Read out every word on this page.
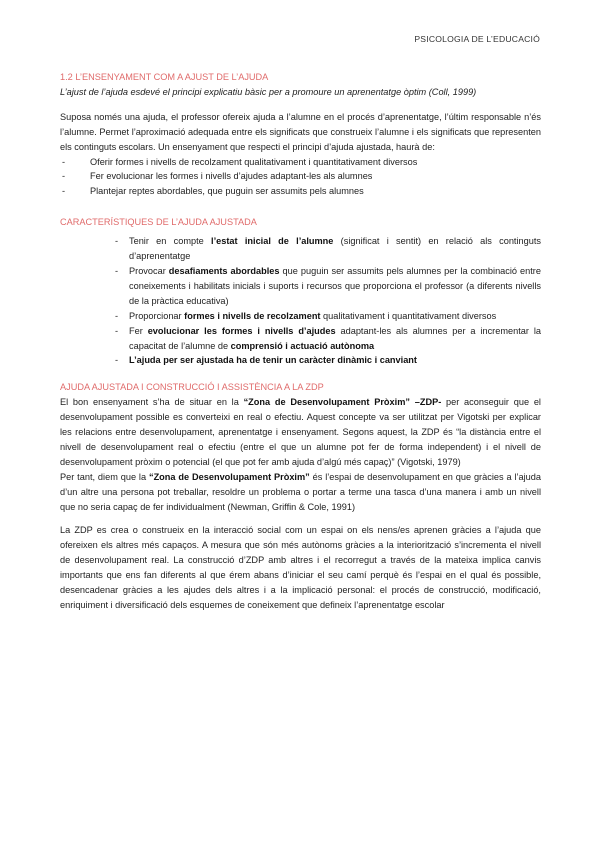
PSICOLOGIA DE L’EDUCACIÓ
1.2 L’ENSENYAMENT COM A AJUST DE L’AJUDA

L’ajust de l’ajuda esdevé el principi explicatiu bàsic per a promoure un aprenentatge òptim (Coll, 1999)

Suposa només una ajuda, el professor ofereix ajuda a l’alumne en el procés d’aprenentatge, l’últim responsable n’és l’alumne. Permet l’aproximació adequada entre els significats que construeix l’alumne i els significats que representen els continguts escolars. Un ensenyament que respecti el principi d’ajuda ajustada, haurà de:

- Oferir formes i nivells de recolzament qualitativament i quantitativament diversos
- Fer evolucionar les formes i nivells d’ajudes adaptant-les als alumnes
- Plantejar reptes abordables, que puguin ser assumits pels alumnes
CARACTERÍSTIQUES DE L’AJUDA AJUSTADA
- Tenir en compte l’estat inicial de l’alumne (significat i sentit) en relació als continguts d’aprenentatge
- Provocar desafiaments abordables que puguin ser assumits pels alumnes per la combinació entre coneixements i habilitats inicials i suports i recursos que proporciona el professor (a diferents nivells de la pràctica educativa)
- Proporcionar formes i nivells de recolzament qualitativament i quantitativament diversos
- Fer evolucionar les formes i nivells d’ajudes adaptant-les als alumnes per a incrementar la capacitat de l’alumne de comprensió i actuació autònoma
- L’ajuda per ser ajustada ha de tenir un caràcter dinàmic i canviant
AJUDA AJUSTADA I CONSTRUCCIÓ I ASSISTÈNCIA A LA ZDP

El bon ensenyament s’ha de situar en la “Zona de Desenvolupament Pròxim” –ZDP- per aconseguir que el desenvolupament possible es converteixi en real o efectiu. Aquest concepte va ser utilitzat per Vigotski per explicar les relacions entre desenvolupament, aprenentatge i ensenyament. Segons aquest, la ZDP és “la distància entre el nivell de desenvolupament real o efectiu (entre el que un alumne pot fer de forma independent) i el nivell de desenvolupament pròxim o potencial (el que pot fer amb ajuda d’algú més capaç)” (Vigotski, 1979)

Per tant, diem que la “Zona de Desenvolupament Pròxim” és l’espai de desenvolupament en que gràcies a l’ajuda d’un altre una persona pot treballar, resoldre un problema o portar a terme una tasca d’una manera i amb un nivell que no seria capaç de fer individualment (Newman, Griffin & Cole, 1991)

La ZDP es crea o construeix en la interacció social com un espai on els nens/es aprenen gràcies a l’ajuda que ofereixen els altres més capaços. A mesura que són més autònoms gràcies a la interiorització s’incrementa el nivell de desenvolupament real. La construcció d’ZDP amb altres i el recorregut a través de la mateixa implica canvis importants que ens fan diferents al que érem abans d’iniciar el seu camí perquè és l’espai en el qual és possible, desencadenar gràcies a les ajudes dels altres i a la implicació personal: el procés de construcció, modificació, enriquiment i diversificació dels esquemes de coneixement que defineix l’aprenentatge escolar
